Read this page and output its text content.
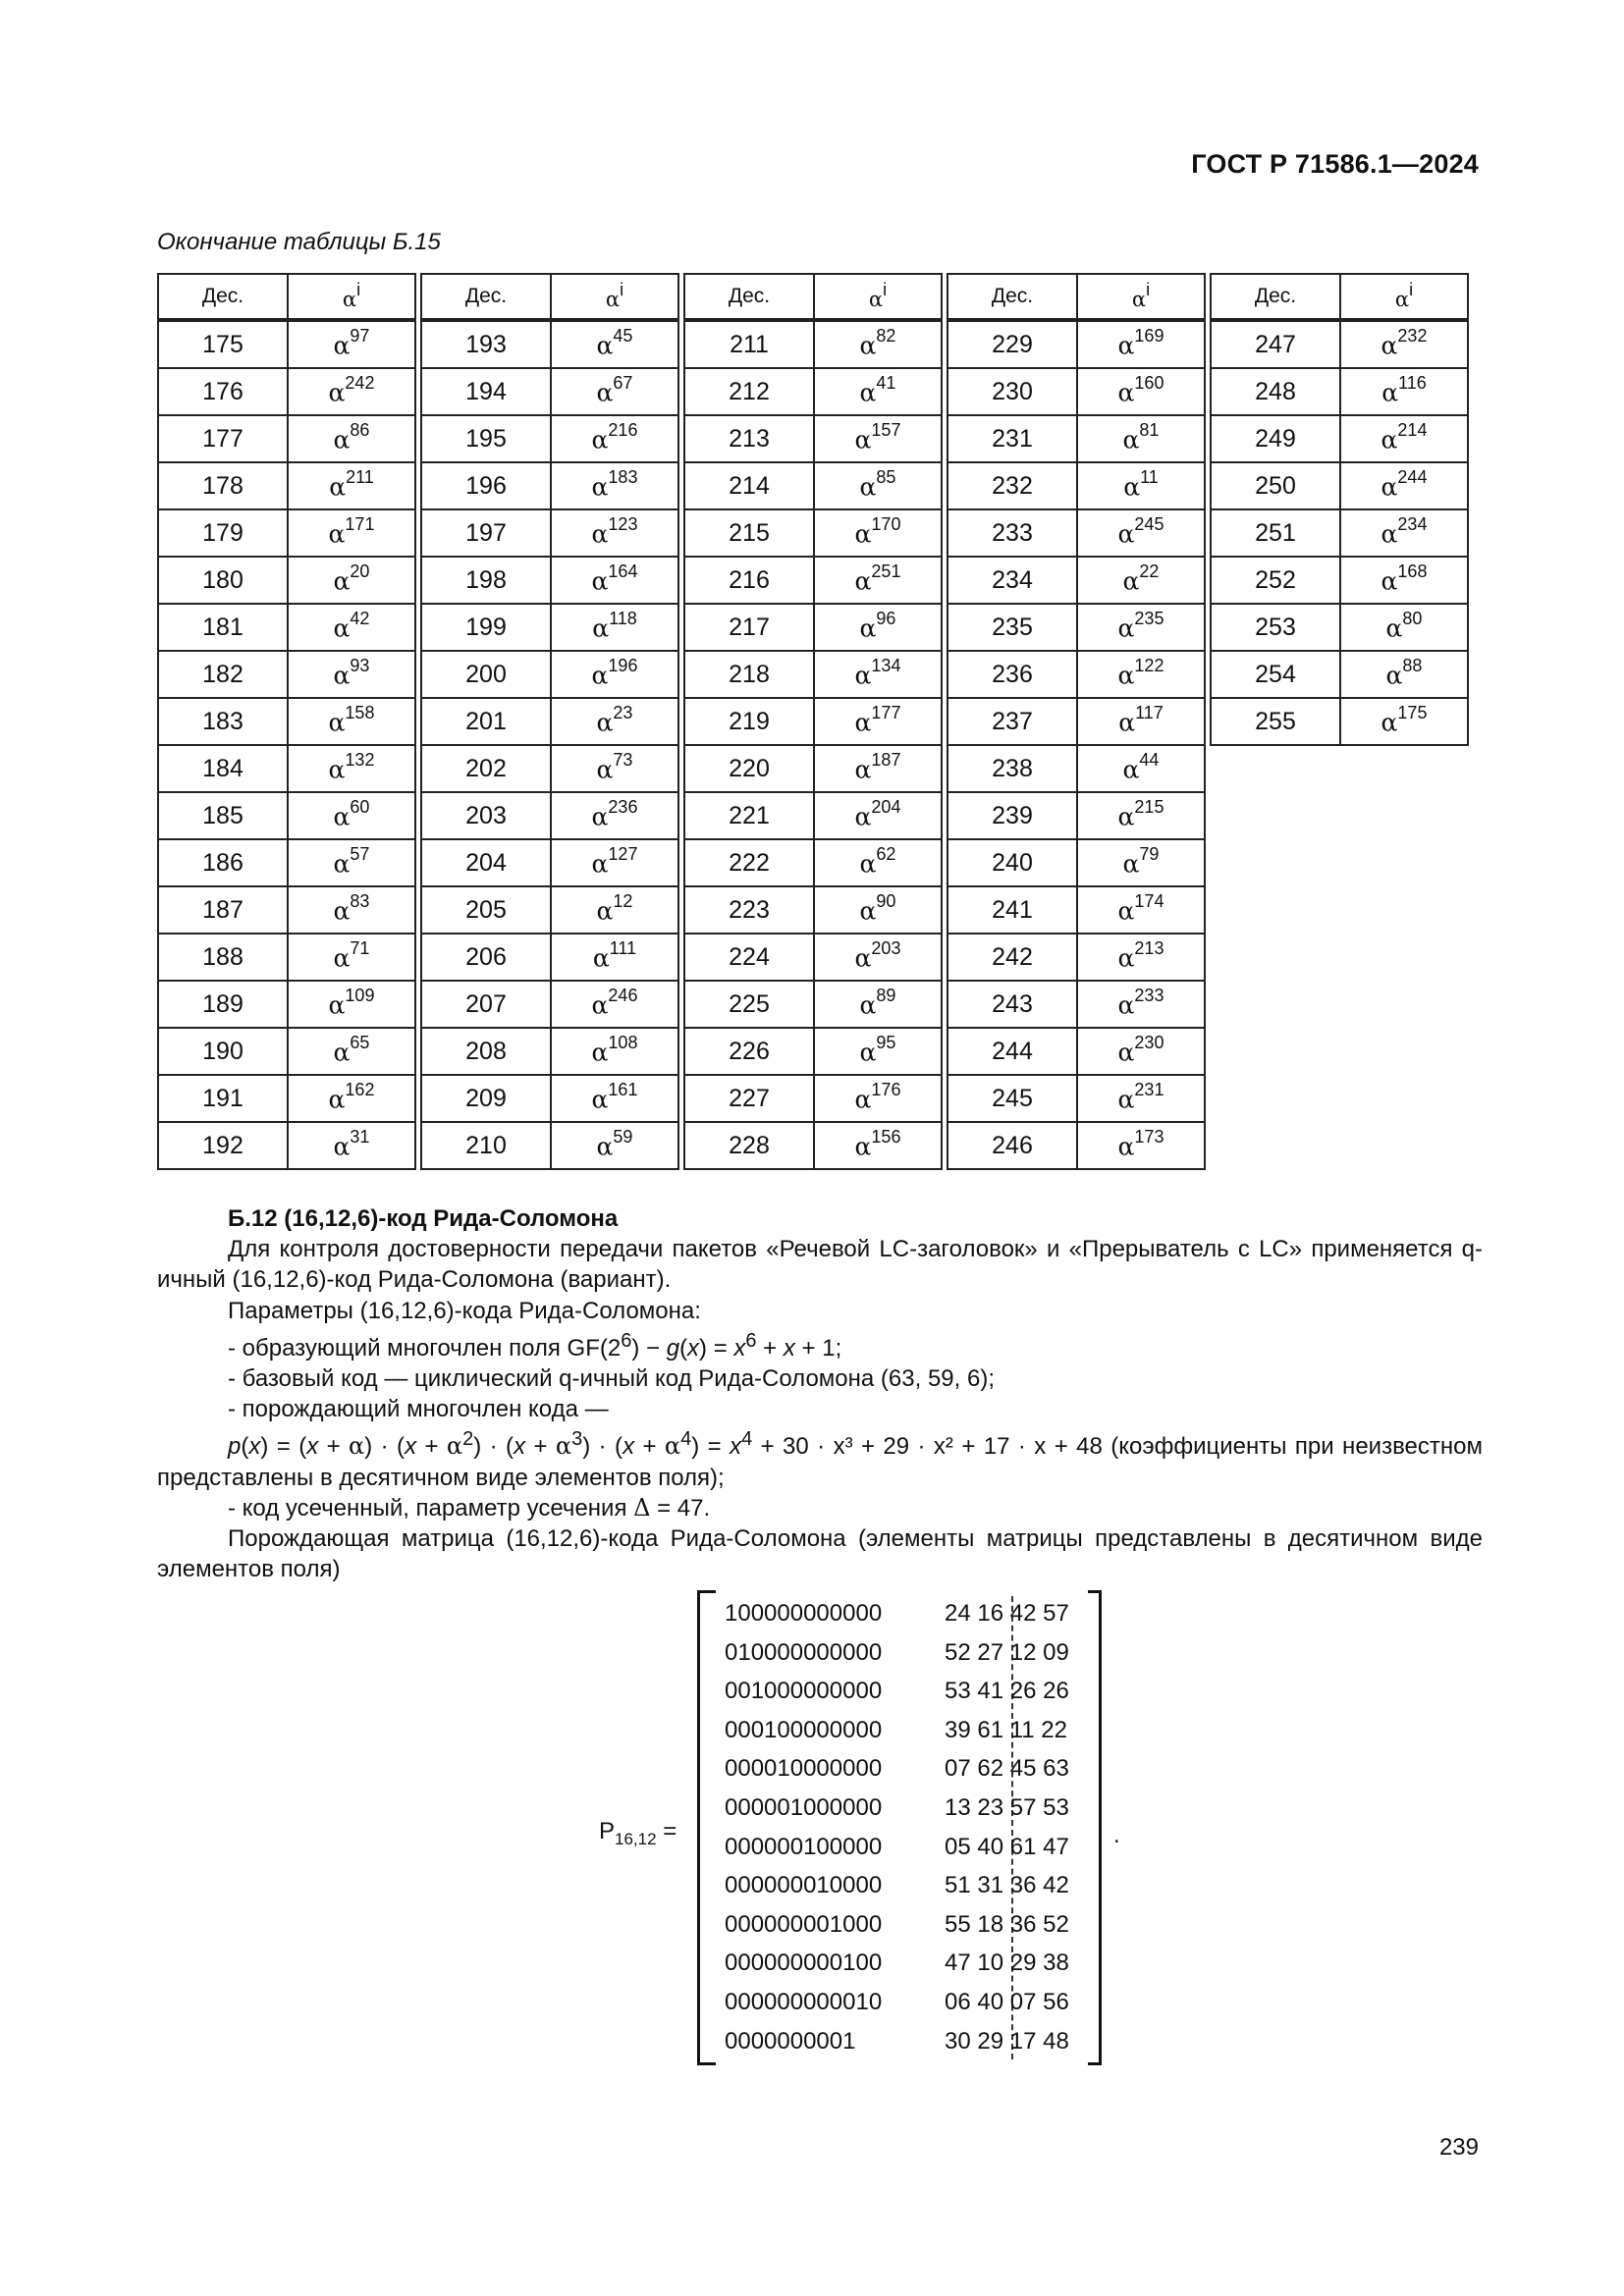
ГОСТ Р 71586.1—2024
Окончание таблицы Б.15
Дес.	$\alpha^i$
175	$\alpha^{97}$
176	$\alpha^{242}$
177	$\alpha^{86}$
178	$\alpha^{211}$
179	$\alpha^{171}$
180	$\alpha^{20}$
181	$\alpha^{42}$
182	$\alpha^{93}$
183	$\alpha^{158}$
184	$\alpha^{132}$
185	$\alpha^{60}$
186	$\alpha^{57}$
187	$\alpha^{83}$
188	$\alpha^{71}$
189	$\alpha^{109}$
190	$\alpha^{65}$
191	$\alpha^{162}$
192	$\alpha^{31}$
Дес.	$\alpha^i$
193	$\alpha^{45}$
194	$\alpha^{67}$
195	$\alpha^{216}$
196	$\alpha^{183}$
197	$\alpha^{123}$
198	$\alpha^{164}$
199	$\alpha^{118}$
200	$\alpha^{196}$
201	$\alpha^{23}$
202	$\alpha^{73}$
203	$\alpha^{236}$
204	$\alpha^{127}$
205	$\alpha^{12}$
206	$\alpha^{111}$
207	$\alpha^{246}$
208	$\alpha^{108}$
209	$\alpha^{161}$
210	$\alpha^{59}$
Дес.	$\alpha^i$
211	$\alpha^{82}$
212	$\alpha^{41}$
213	$\alpha^{157}$
214	$\alpha^{85}$
215	$\alpha^{170}$
216	$\alpha^{251}$
217	$\alpha^{96}$
218	$\alpha^{134}$
219	$\alpha^{177}$
220	$\alpha^{187}$
221	$\alpha^{204}$
222	$\alpha^{62}$
223	$\alpha^{90}$
224	$\alpha^{203}$
225	$\alpha^{89}$
226	$\alpha^{95}$
227	$\alpha^{176}$
228	$\alpha^{156}$
Дес.	$\alpha^i$
229	$\alpha^{169}$
230	$\alpha^{160}$
231	$\alpha^{81}$
232	$\alpha^{11}$
233	$\alpha^{245}$
234	$\alpha^{22}$
235	$\alpha^{235}$
236	$\alpha^{122}$
237	$\alpha^{117}$
238	$\alpha^{44}$
239	$\alpha^{215}$
240	$\alpha^{79}$
241	$\alpha^{174}$
242	$\alpha^{213}$
243	$\alpha^{233}$
244	$\alpha^{230}$
245	$\alpha^{231}$
246	$\alpha^{173}$
Дес.	$\alpha^i$
247	$\alpha^{232}$
248	$\alpha^{116}$
249	$\alpha^{214}$
250	$\alpha^{244}$
251	$\alpha^{234}$
252	$\alpha^{168}$
253	$\alpha^{80}$
254	$\alpha^{88}$
255	$\alpha^{175}$
Б.12 (16,12,6)-код Рида-Соломона

Для контроля достоверности передачи пакетов «Речевой LC-заголовок» и «Прерыватель с LC» применяется q-ичный (16,12,6)-код Рида-Соломона (вариант).

Параметры (16,12,6)-кода Рида-Соломона:

- образующий многочлен поля $GF(2^6) - g(x) = x^6 + x + 1$;

- базовый код — циклический q-ичный код Рида-Соломона (63, 59, 6);

- порождающий многочлен кода —

$p(x) = (x + \alpha) \cdot (x + \alpha^2) \cdot (x + \alpha^3) \cdot (x + \alpha^4) = x^4 + 30 \cdot x^3 + 29 \cdot x^2 + 17 \cdot x + 48$ (коэффициенты при неизвестном представлены в десятичном виде элементов поля);

- код усеченный, параметр усечения Δ = 47.

Порождающая матрица (16,12,6)-кода Рида-Соломона (элементы матрицы представлены в десятичном виде элементов поля)

$P_{16,12}$ =
100000000000	24 16 42 57
010000000000	52 27 12 09
001000000000	53 41 26 26
000100000000	39 61 11 22
000010000000	07 62 45 63
000001000000	13 23 57 53
000000100000	05 40 61 47
000000010000	51 31 36 42
000000001000	55 18 36 52
000000000100	47 10 29 38
000000000010	06 40 07 56
0000000001	30 29 17 48
.
239
